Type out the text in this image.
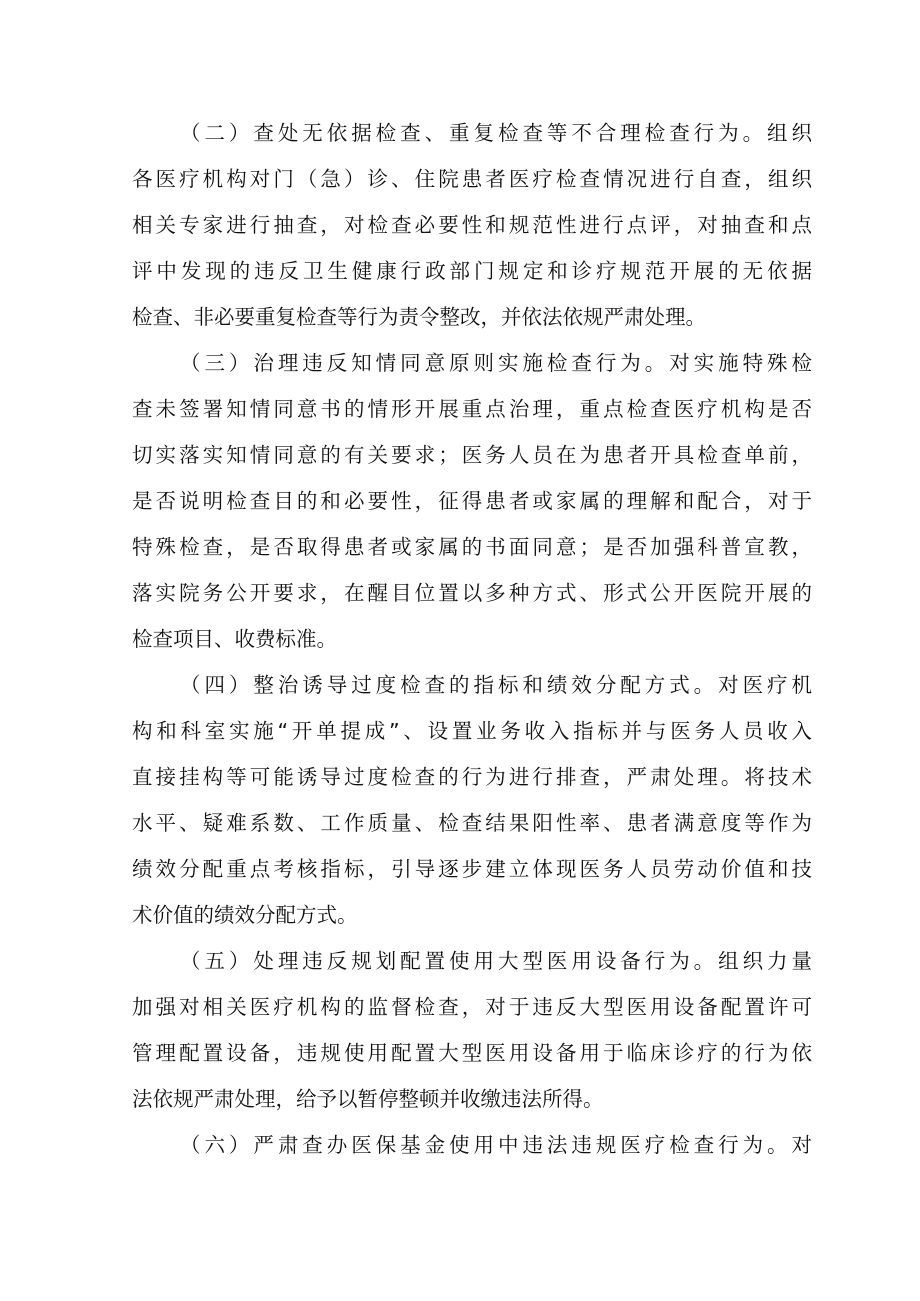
（二）查处无依据检查、重复检查等不合理检查行为。组织
各医疗机构对门（急）诊、住院患者医疗检查情况进行自查，组织
相关专家进行抽查，对检查必要性和规范性进行点评，对抽查和点
评中发现的违反卫生健康行政部门规定和诊疗规范开展的无依据
检查、非必要重复检查等行为责令整改，并依法依规严肃处理。
（三）治理违反知情同意原则实施检查行为。对实施特殊检
查未签署知情同意书的情形开展重点治理，重点检查医疗机构是否
切实落实知情同意的有关要求；医务人员在为患者开具检查单前，
是否说明检查目的和必要性，征得患者或家属的理解和配合，对于
特殊检查，是否取得患者或家属的书面同意；是否加强科普宣教，
落实院务公开要求，在醒目位置以多种方式、形式公开医院开展的
检查项目、收费标准。
（四）整治诱导过度检查的指标和绩效分配方式。对医疗机
构和科室实施“开单提成”、设置业务收入指标并与医务人员收入
直接挂构等可能诱导过度检查的行为进行排查，严肃处理。将技术
水平、疑难系数、工作质量、检查结果阳性率、患者满意度等作为
绩效分配重点考核指标，引导逐步建立体现医务人员劳动价值和技
术价值的绩效分配方式。
（五）处理违反规划配置使用大型医用设备行为。组织力量
加强对相关医疗机构的监督检查，对于违反大型医用设备配置许可
管理配置设备，违规使用配置大型医用设备用于临床诊疗的行为依
法依规严肃处理，给予以暂停整顿并收缴违法所得。
（六）严肃查办医保基金使用中违法违规医疗检查行为。对
